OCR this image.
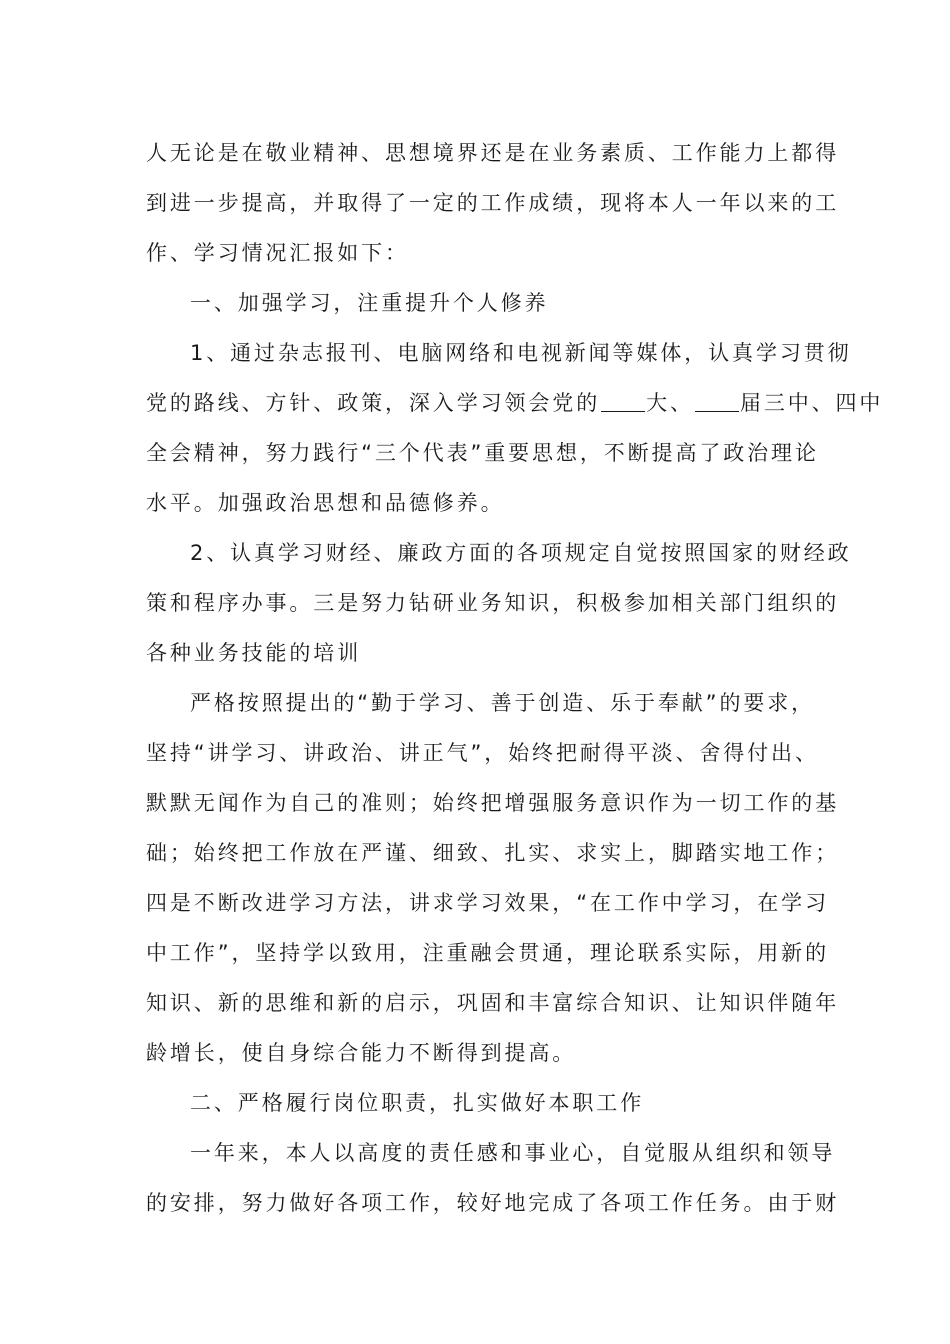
人无论是在敬业精神、思想境界还是在业务素质、工作能力上都得
到进一步提高，并取得了一定的工作成绩，现将本人一年以来的工
作、学习情况汇报如下：
一、加强学习，注重提升个人修养
1、通过杂志报刊、电脑网络和电视新闻等媒体，认真学习贯彻
党的路线、方针、政策，深入学习领会党的 大、 届三中、四中
全会精神，努力践行“三个代表”重要思想，不断提高了政治理论
水平。加强政治思想和品德修养。
2、认真学习财经、廉政方面的各项规定自觉按照国家的财经政
策和程序办事。三是努力钻研业务知识，积极参加相关部门组织的
各种业务技能的培训
严格按照提出的“勤于学习、善于创造、乐于奉献”的要求，
坚持“讲学习、讲政治、讲正气”，始终把耐得平淡、舍得付出、
默默无闻作为自己的准则；始终把增强服务意识作为一切工作的基
础；始终把工作放在严谨、细致、扎实、求实上，脚踏实地工作；
四是不断改进学习方法，讲求学习效果，“在工作中学习，在学习
中工作”，坚持学以致用，注重融会贯通，理论联系实际，用新的
知识、新的思维和新的启示，巩固和丰富综合知识、让知识伴随年
龄增长，使自身综合能力不断得到提高。
二、严格履行岗位职责，扎实做好本职工作
一年来，本人以高度的责任感和事业心，自觉服从组织和领导
的安排，努力做好各项工作，较好地完成了各项工作任务。由于财
